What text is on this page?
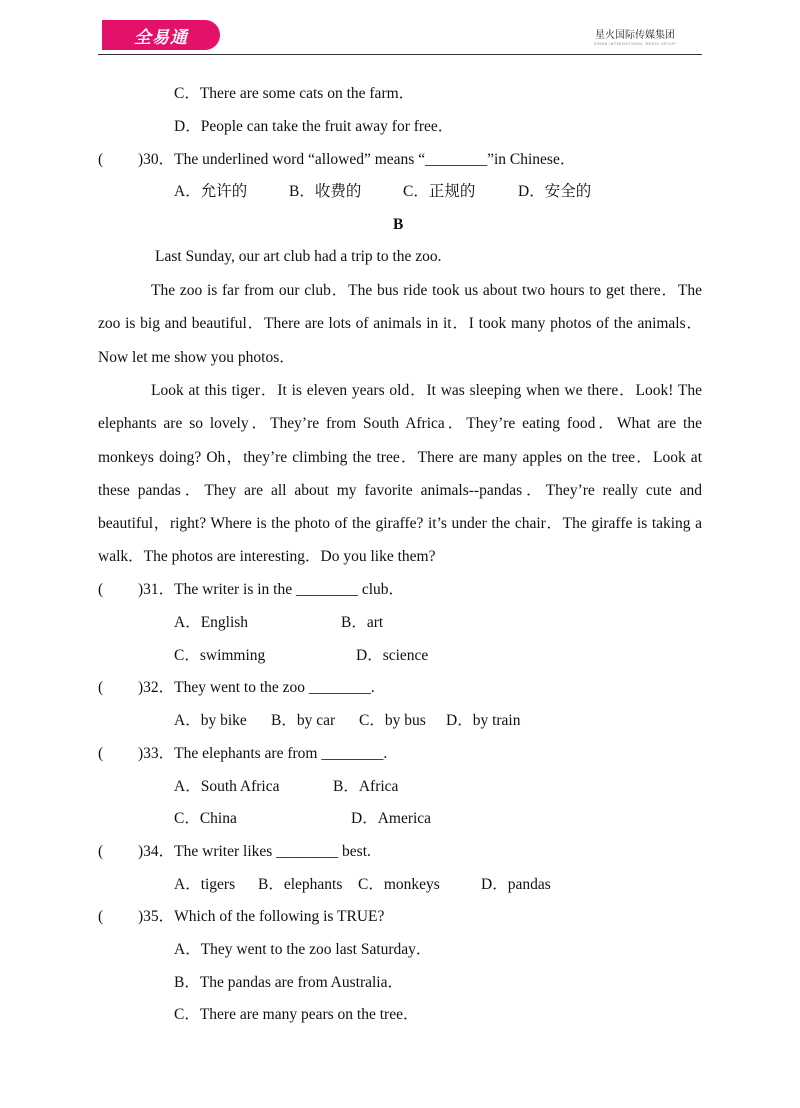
全易通	星火国际传媒集团
SPARK INTERNATIONAL MEDIA GROUP
C．There are some cats on the farm．
D．People can take the fruit away for free．
( )30．The underlined word “allowed” means “________”in Chinese．
A．允许的	B．收费的	C．正规的	D．安全的
B
Last Sunday, our art club had a trip to the zoo.
The zoo is far from our club．The bus ride took us about two hours to get there．The zoo is big and beautiful．There are lots of animals in it．I took many photos of the animals．Now let me show you photos．
Look at this tiger．It is eleven years old．It was sleeping when we there．Look! The elephants are so lovely．They’re from South Africa．They’re eating food．What are the monkeys doing? Oh，they’re climbing the tree．There are many apples on the tree．Look at these pandas．They are all about my favorite animals--pandas．They’re really cute and beautiful，right? Where is the photo of the giraffe? it’s under the chair．The giraffe is taking a walk．The photos are interesting．Do you like them?
( )31．The writer is in the ________ club．
A．English	B．art
C．swimming	D．science
( )32．They went to the zoo ________.
A．by bike B．by car C．by bus D．by train
( )33．The elephants are from ________.
A．South Africa	B．Africa
C．China	D．America
( )34．The writer likes ________ best.
A．tigers B．elephants C．monkeys	D．pandas
( )35．Which of the following is TRUE?
A．They went to the zoo last Saturday．
B．The pandas are from Australia．
C．There are many pears on the tree．
